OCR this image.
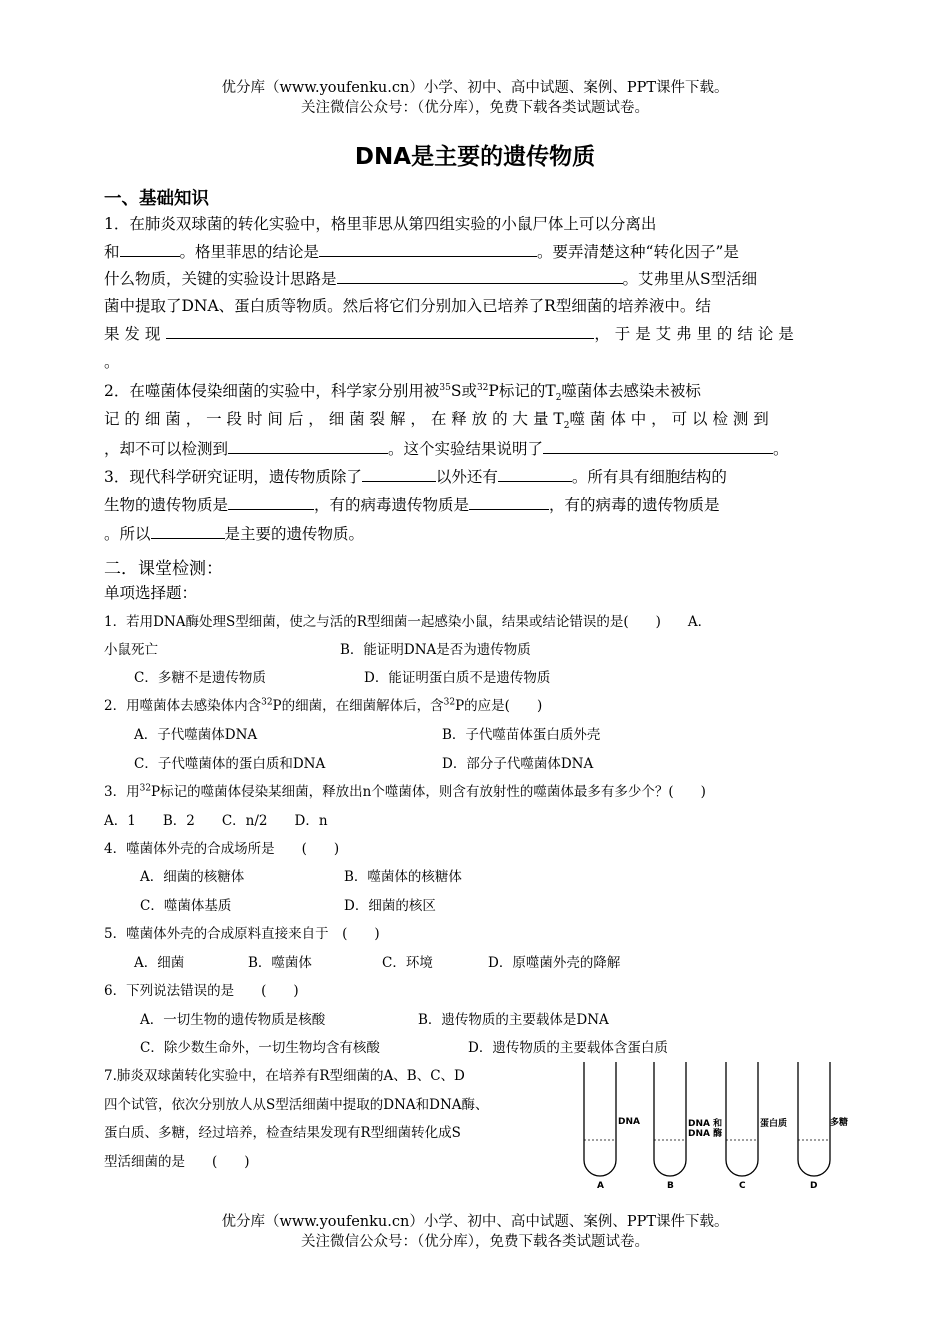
优分库（www.youfenku.cn）小学、初中、高中试题、案例、PPT课件下载。
关注微信公众号：（优分库），免费下载各类试题试卷。
DNA是主要的遗传物质
一、基础知识
1．在肺炎双球菌的转化实验中，格里菲思从第四组实验的小鼠尸体上可以分离出
和	。格里菲思的结论是	。要弄清楚这种“转化因子”是
什么物质，关键的实验设计思路是	。艾弗里从S型活细
菌中提取了DNA、蛋白质等物质。然后将它们分别加入已培养了R型细菌的培养液中。结
果 发 现	， 于 是 艾 弗 里 的 结 论 是
。
2．在噬菌体侵染细菌的实验中，科学家分别用被$^{35}$S或$^{32}$P标记的$T_2$噬菌体去感染未被标
记 的 细 菌 ， 一 段 时 间 后 ， 细 菌 裂 解 ， 在 释 放 的 大 量 $T_2$噬 菌 体 中 ， 可 以 检 测 到
，却不可以检测到	。这个实验结果说明了	。
3．现代科学研究证明，遗传物质除了	以外还有	。所有具有细胞结构的
生物的遗传物质是	，有的病毒遗传物质是	，有的病毒的遗传物质是
。所以	是主要的遗传物质。
二．课堂检测：
单项选择题：
1．若用DNA酶处理S型细菌，使之与活的R型细菌一起感染小鼠，结果或结论错误的是(　　)　　A．
小鼠死亡	B．能证明DNA是否为遗传物质
C．多糖不是遗传物质	D．能证明蛋白质不是遗传物质
2．用噬菌体去感染体内含$^{32}$P的细菌，在细菌解体后，含$^{32}$P的应是(　　)
A．子代噬菌体DNA	B．子代噬苗体蛋白质外壳
C．子代噬菌体的蛋白质和DNA	D．部分子代噬菌体DNA
3．用$^{32}$P标记的噬菌体侵染某细菌，释放出n个噬菌体，则含有放射性的噬菌体最多有多少个？(　　)
A．1　　B．2　　C．n/2　　D．n
4．噬菌体外壳的合成场所是　　(　　)
A．细菌的核糖体	B．噬菌体的核糖体
C．噬菌体基质	D．细菌的核区
5．噬菌体外壳的合成原料直接来自于　(　　)
A．细菌	B．噬菌体	C．环境	D．原噬菌外壳的降解
6．下列说法错误的是　　(　　)
A．一切生物的遗传物质是核酸	B．遗传物质的主要载体是DNA
C．除少数生命外，一切生物均含有核酸	D．遗传物质的主要载体含蛋白质
7.肺炎双球菌转化实验中，在培养有R型细菌的A、B、C、D
四个试管，依次分别放人从S型活细菌中提取的DNA和DNA酶、
蛋白质、多糖，经过培养，检查结果发现有R型细菌转化成S
型活细菌的是　　(　　)
DNA	DNA 和
DNA 酶
蛋白质	多糖
A	B	C	D
优分库（www.youfenku.cn）小学、初中、高中试题、案例、PPT课件下载。
关注微信公众号：（优分库），免费下载各类试题试卷。
